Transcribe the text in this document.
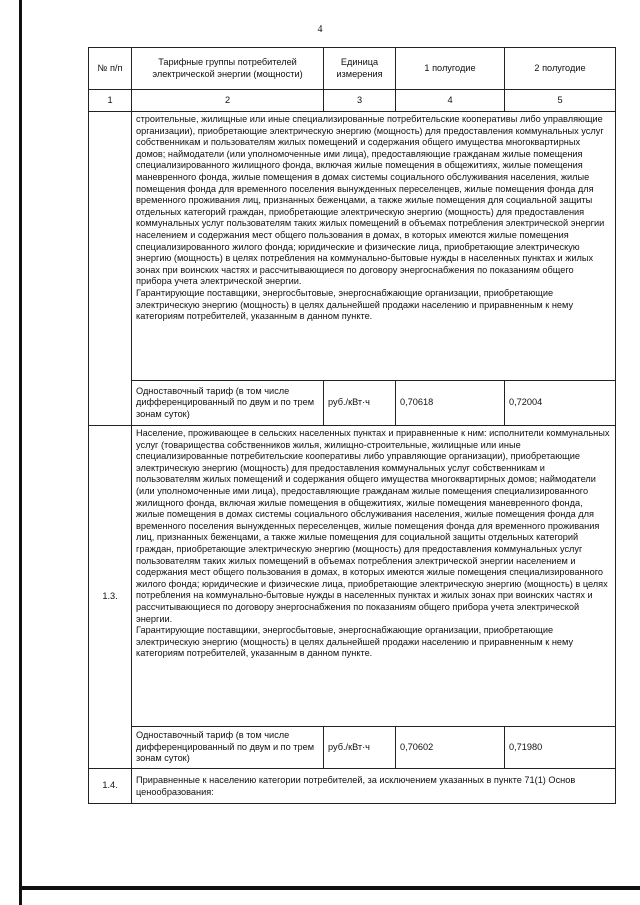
4
№ п/п	Тарифные группы потребителей электрической энергии (мощности)	Единица измерения	1 полугодие	2 полугодие
1	2	3	4	5

	строительные, жилищные или иные специализированные потребительские кооперативы либо управляющие организации), приобретающие электрическую энергию (мощность) для предоставления коммунальных услуг собственникам и пользователям жилых помещений и содержания общего имущества многоквартирных домов; наймодатели (или уполномоченные ими лица), предоставляющие гражданам жилые помещения специализированного жилищного фонда, включая жилые помещения в общежитиях, жилые помещения маневренного фонда, жилые помещения в домах системы социального обслуживания населения, жилые помещения фонда для временного поселения вынужденных переселенцев, жилые помещения фонда для временного проживания лиц, признанных беженцами, а также жилые помещения для социальной защиты отдельных категорий граждан, приобретающие электрическую энергию (мощность) для предоставления коммунальных услуг пользователям таких жилых помещений в объемах потребления электрической энергии населением и содержания мест общего пользования в домах, в которых имеются жилые помещения специализированного жилого фонда; юридические и физические лица, приобретающие электрическую энергию (мощность) в целях потребления на коммунально-бытовые нужды в населенных пунктах и жилых зонах при воинских частях и рассчитывающиеся по договору энергоснабжения по показаниям общего прибора учета электрической энергии.
Гарантирующие поставщики, энергосбытовые, энергоснабжающие организации, приобретающие электрическую энергию (мощность) в целях дальнейшей продажи населению и приравненным к нему категориям потребителей, указанным в данном пункте.			

	Одноставочный тариф (в том числе дифференцированный по двум и по трем зонам суток)	руб./кВт·ч	0,70618	0,72004

1.3.	Население, проживающее в сельских населенных пунктах и приравненные к ним: исполнители коммунальных услуг (товарищества собственников жилья, жилищно-строительные, жилищные или иные специализированные потребительские кооперативы либо управляющие организации), приобретающие электрическую энергию (мощность) для предоставления коммунальных услуг собственникам и пользователям жилых помещений и содержания общего имущества многоквартирных домов; наймодатели (или уполномоченные ими лица), предоставляющие гражданам жилые помещения специализированного жилищного фонда, включая жилые помещения в общежитиях, жилые помещения маневренного фонда, жилые помещения в домах системы социального обслуживания населения, жилые помещения фонда для временного поселения вынужденных переселенцев, жилые помещения фонда для временного проживания лиц, признанных беженцами, а также жилые помещения для социальной защиты отдельных категорий граждан, приобретающие электрическую энергию (мощность) для предоставления коммунальных услуг пользователям таких жилых помещений в объемах потребления электрической энергии населением и содержания мест общего пользования в домах, в которых имеются жилые помещения специализированного жилого фонда; юридические и физические лица, приобретающие электрическую энергию (мощность) в целях потребления на коммунально-бытовые нужды в населенных пунктах и жилых зонах при воинских частях и рассчитывающиеся по договору энергоснабжения по показаниям общего прибора учета электрической энергии.
Гарантирующие поставщики, энергосбытовые, энергоснабжающие организации, приобретающие электрическую энергию (мощность) в целях дальнейшей продажи населению и приравненным к нему категориям потребителей, указанным в данном пункте.			

	Одноставочный тариф (в том числе дифференцированный по двум и по трем зонам суток)	руб./кВт·ч	0,70602	0,71980

1.4.	Приравненные к населению категории потребителей, за исключением указанных в пункте 71(1) Основ ценообразования:			
